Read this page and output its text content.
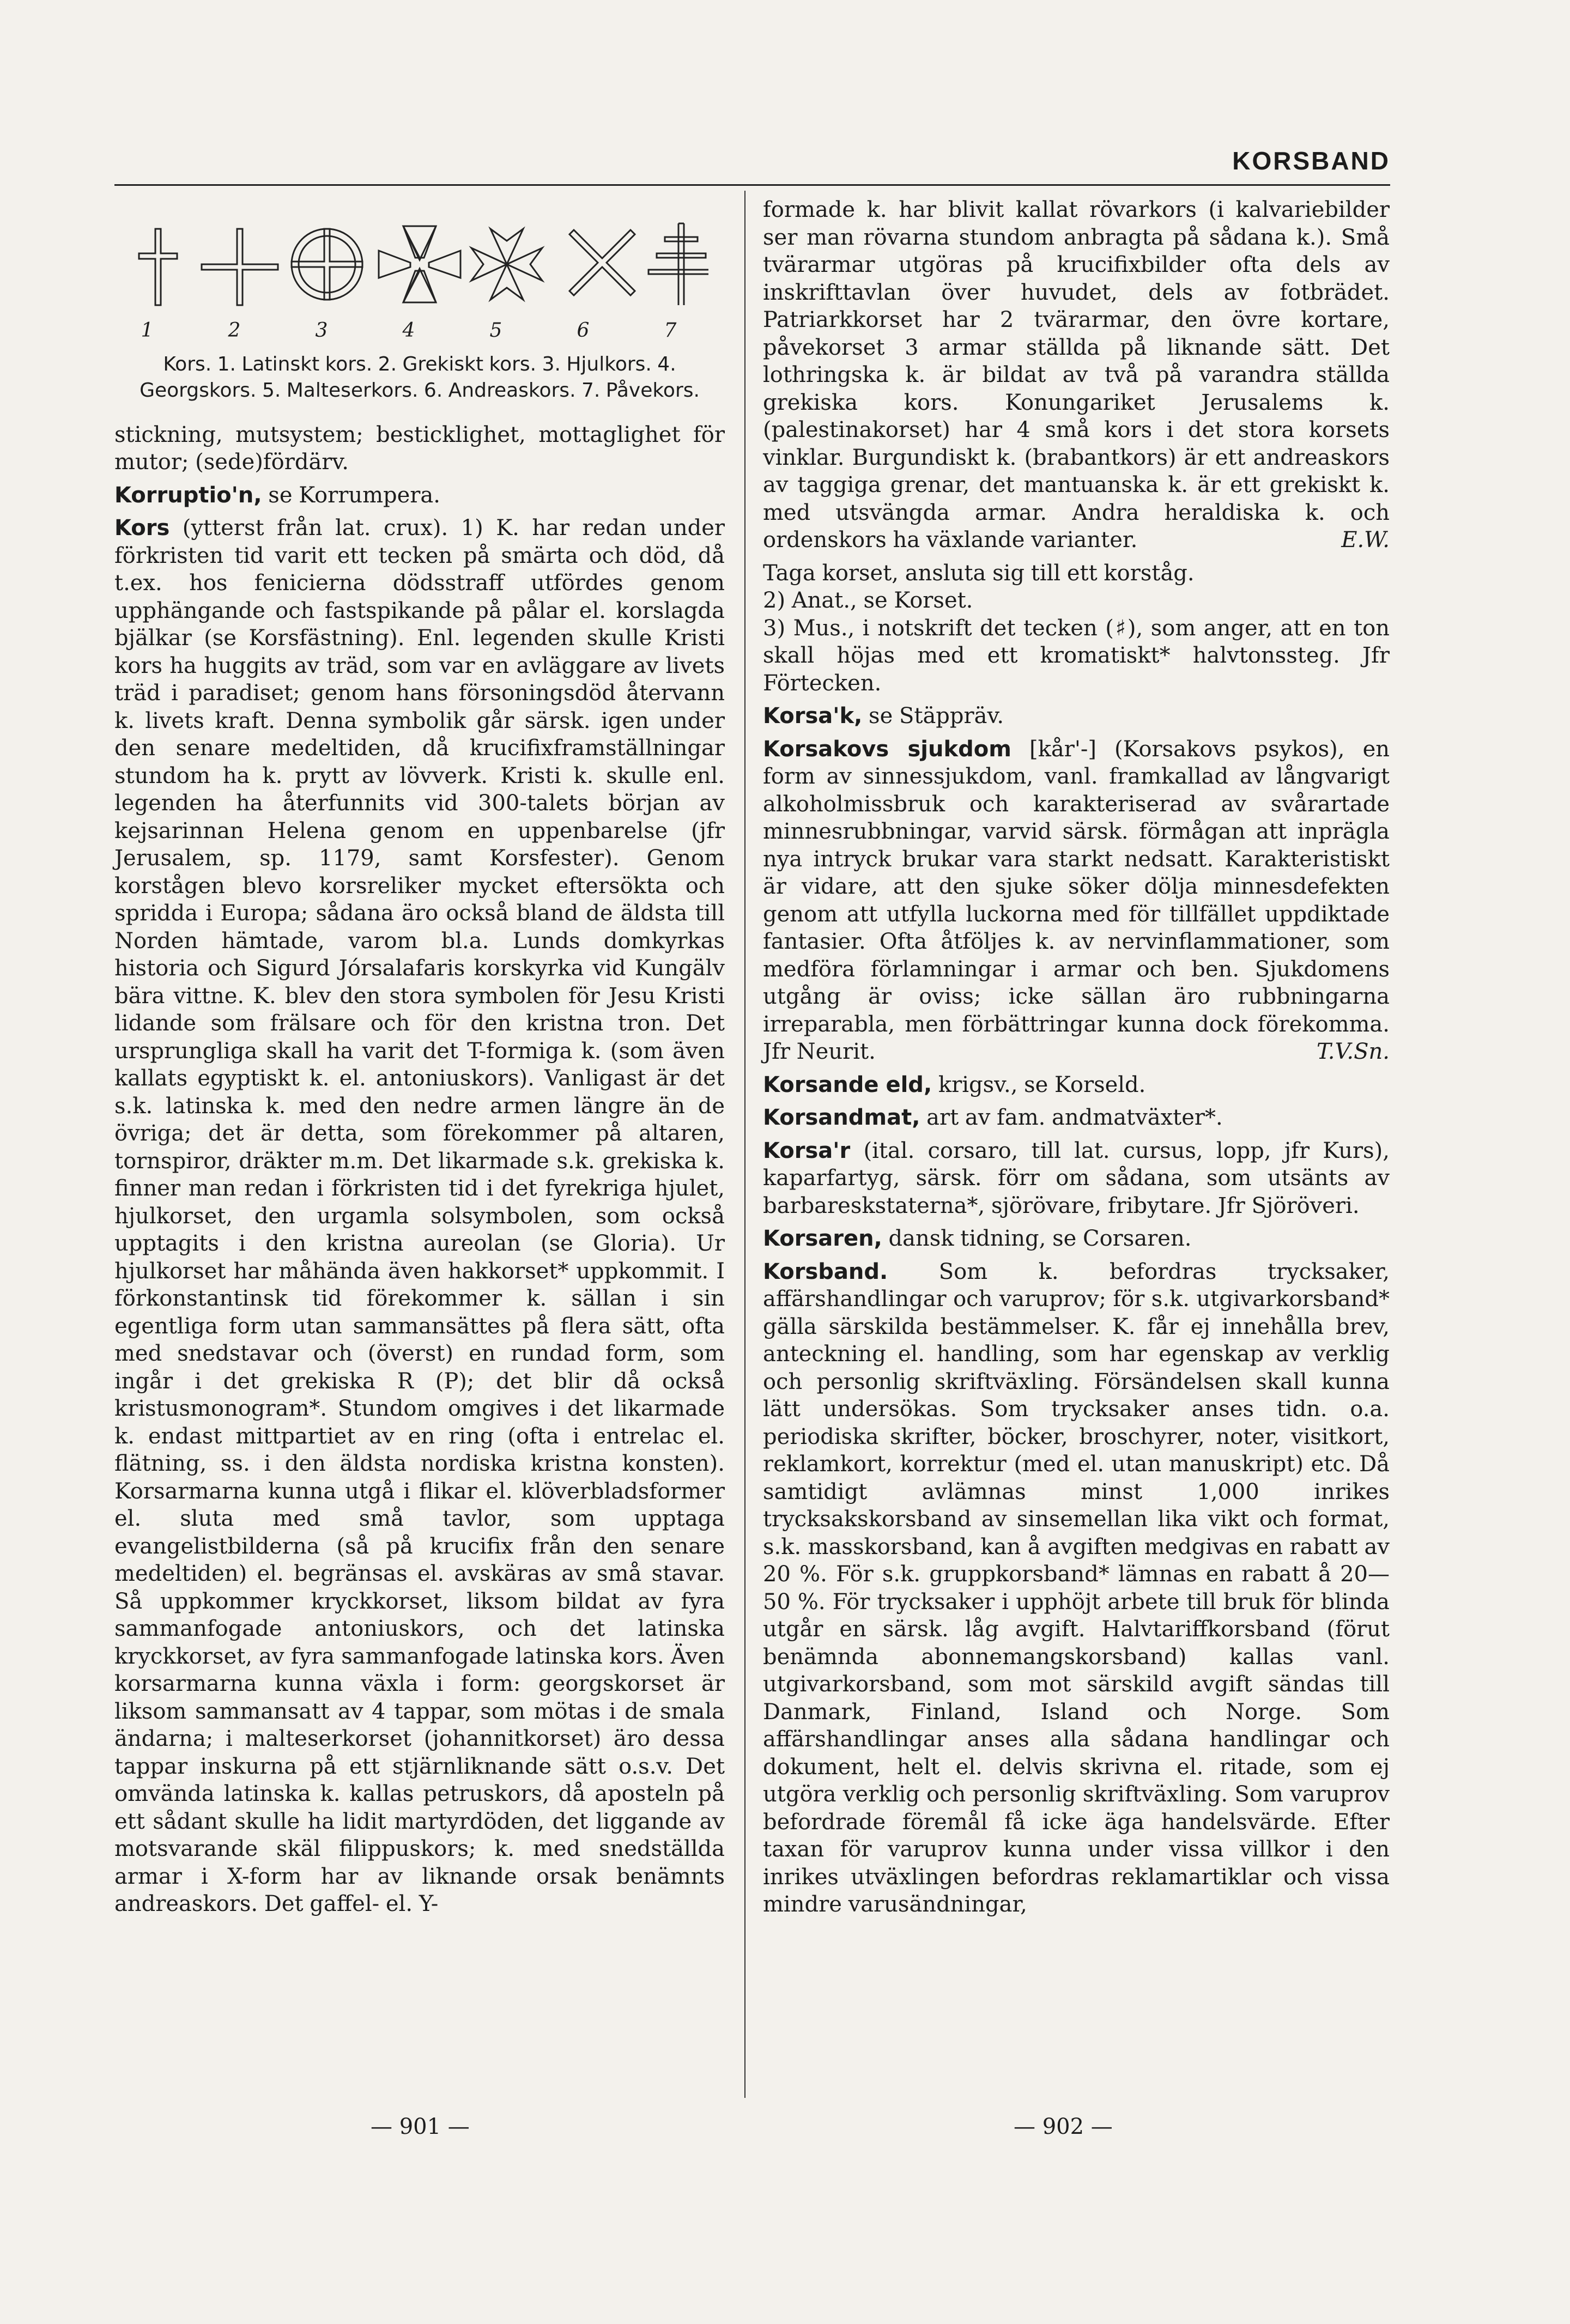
KORSBAND
1	2	3	4	5	6	7
Kors. 1. Latinskt kors. 2. Grekiskt kors. 3. Hjulkors. 4. Georgskors. 5. Malteserkors. 6. Andreaskors. 7. Påvekors.

stickning, mutsystem; besticklighet, mottaglighet för mutor; (sede)fördärv.

Korruptio'n, se Korrumpera.

Kors (ytterst från lat. crux). 1) K. har redan under förkristen tid varit ett tecken på smärta och död, då t.ex. hos fenicierna dödsstraff utfördes genom upphängande och fastspikande på pålar el. korslagda bjälkar (se Korsfästning). Enl. legenden skulle Kristi kors ha huggits av träd, som var en avläggare av livets träd i paradiset; genom hans försoningsdöd återvann k. livets kraft. Denna symbolik går särsk. igen under den senare medeltiden, då krucifixframställningar stundom ha k. prytt av lövverk. Kristi k. skulle enl. legenden ha återfunnits vid 300-talets början av kejsarinnan Helena genom en uppenbarelse (jfr Jerusalem, sp. 1179, samt Korsfester). Genom korstågen blevo korsreliker mycket eftersökta och spridda i Europa; sådana äro också bland de äldsta till Norden hämtade, varom bl.a. Lunds domkyrkas historia och Sigurd Jórsalafaris korskyrka vid Kungälv bära vittne. K. blev den stora symbolen för Jesu Kristi lidande som frälsare och för den kristna tron. Det ursprungliga skall ha varit det T-formiga k. (som även kallats egyptiskt k. el. antoniuskors). Vanligast är det s.k. latinska k. med den nedre armen längre än de övriga; det är detta, som förekommer på altaren, tornspiror, dräkter m.m. Det likarmade s.k. grekiska k. finner man redan i förkristen tid i det fyrekriga hjulet, hjulkorset, den urgamla solsymbolen, som också upptagits i den kristna aureolan (se Gloria). Ur hjulkorset har måhända även hakkorset* uppkommit. I förkonstantinsk tid förekommer k. sällan i sin egentliga form utan sammansättes på flera sätt, ofta med snedstavar och (överst) en rundad form, som ingår i det grekiska R (P); det blir då också kristusmonogram*. Stundom omgives i det likarmade k. endast mittpartiet av en ring (ofta i entrelac el. flätning, ss. i den äldsta nordiska kristna konsten). Korsarmarna kunna utgå i flikar el. klöverbladsformer el. sluta med små tavlor, som upptaga evangelistbilderna (så på krucifix från den senare medeltiden) el. begränsas el. avskäras av små stavar. Så uppkommer kryckkorset, liksom bildat av fyra sammanfogade antoniuskors, och det latinska kryckkorset, av fyra sammanfogade latinska kors. Även korsarmarna kunna växla i form: georgskorset är liksom sammansatt av 4 tappar, som mötas i de smala ändarna; i malteserkorset (johannitkorset) äro dessa tappar inskurna på ett stjärnliknande sätt o.s.v. Det omvända latinska k. kallas petruskors, då aposteln på ett sådant skulle ha lidit martyrdöden, det liggande av motsvarande skäl filippuskors; k. med snedställda armar i X-form har av liknande orsak benämnts andreaskors. Det gaffel- el. Y-

formade k. har blivit kallat rövarkors (i kalvariebilder ser man rövarna stundom anbragta på sådana k.). Små tvärarmar utgöras på krucifixbilder ofta dels av inskrifttavlan över huvudet, dels av fotbrädet. Patriarkkorset har 2 tvärarmar, den övre kortare, påvekorset 3 armar ställda på liknande sätt. Det lothringska k. är bildat av två på varandra ställda grekiska kors. Konungariket Jerusalems k. (palestinakorset) har 4 små kors i det stora korsets vinklar. Burgundiskt k. (brabantkors) är ett andreaskors av taggiga grenar, det mantuanska k. är ett grekiskt k. med utsvängda armar. Andra heraldiska k. och ordenskors ha växlande varianter.	E.W.

Taga korset, ansluta sig till ett korståg.

2) Anat., se Korset.

3) Mus., i notskrift det tecken (♯), som anger, att en ton skall höjas med ett kromatiskt* halvtonssteg. Jfr Förtecken.

Korsa'k, se Stäppräv.

Korsakovs sjukdom [kår'-] (Korsakovs psykos), en form av sinnessjukdom, vanl. framkallad av långvarigt alkoholmissbruk och karakteriserad av svårartade minnesrubbningar, varvid särsk. förmågan att inprägla nya intryck brukar vara starkt nedsatt. Karakteristiskt är vidare, att den sjuke söker dölja minnesdefekten genom att utfylla luckorna med för tillfället uppdiktade fantasier. Ofta åtföljes k. av nervinflammationer, som medföra förlamningar i armar och ben. Sjukdomens utgång är oviss; icke sällan äro rubbningarna irreparabla, men förbättringar kunna dock förekomma. Jfr Neurit.	T.V.Sn.

Korsande eld, krigsv., se Korseld.

Korsandmat, art av fam. andmatväxter*.

Korsa'r (ital. corsaro, till lat. cursus, lopp, jfr Kurs), kaparfartyg, särsk. förr om sådana, som utsänts av barbareskstaterna*, sjörövare, fribytare. Jfr Sjöröveri.

Korsaren, dansk tidning, se Corsaren.

Korsband. Som k. befordras trycksaker, affärshandlingar och varuprov; för s.k. utgivarkorsband* gälla särskilda bestämmelser. K. får ej innehålla brev, anteckning el. handling, som har egenskap av verklig och personlig skriftväxling. Försändelsen skall kunna lätt undersökas. Som trycksaker anses tidn. o.a. periodiska skrifter, böcker, broschyrer, noter, visitkort, reklamkort, korrektur (med el. utan manuskript) etc. Då samtidigt avlämnas minst 1,000 inrikes trycksakskorsband av sinsemellan lika vikt och format, s.k. masskorsband, kan å avgiften medgivas en rabatt av 20 %. För s.k. gruppkorsband* lämnas en rabatt å 20—50 %. För trycksaker i upphöjt arbete till bruk för blinda utgår en särsk. låg avgift. Halvtariffkorsband (förut benämnda abonnemangskorsband) kallas vanl. utgivarkorsband, som mot särskild avgift sändas till Danmark, Finland, Island och Norge. Som affärshandlingar anses alla sådana handlingar och dokument, helt el. delvis skrivna el. ritade, som ej utgöra verklig och personlig skriftväxling. Som varuprov befordrade föremål få icke äga handelsvärde. Efter taxan för varuprov kunna under vissa villkor i den inrikes utväxlingen befordras reklamartiklar och vissa mindre varusändningar,

— 901 —	— 902 —
